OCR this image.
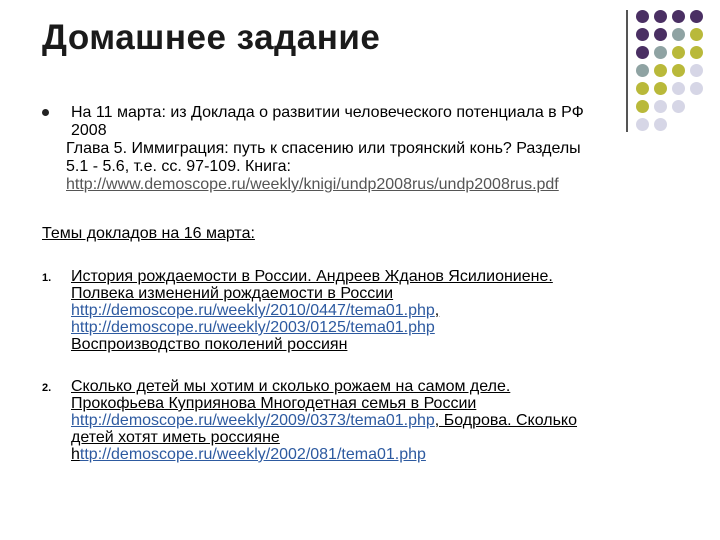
Домашнее задание
На 11 марта: из Доклада о развитии человеческого потенциала в РФ
2008
Глава 5. Иммиграция: путь к спасению или троянский конь? Разделы
5.1 - 5.6, т.е. сс. 97-109. Книга:
http://www.demoscope.ru/weekly/knigi/undp2008rus/undp2008rus.pdf
Темы докладов на 16 марта:
1. История рождаемости в России. Андреев Жданов Ясилиониене.
Полвека изменений рождаемости в России
http://demoscope.ru/weekly/2010/0447/tema01.php,
http://demoscope.ru/weekly/2003/0125/tema01.php
Воспроизводство поколений россиян
2. Сколько детей мы хотим и сколько рожаем на самом деле.
Прокофьева Куприянова Многодетная семья в России
http://demoscope.ru/weekly/2009/0373/tema01.php, Бодрова. Сколько
детей хотят иметь россияне
http://demoscope.ru/weekly/2002/081/tema01.php
